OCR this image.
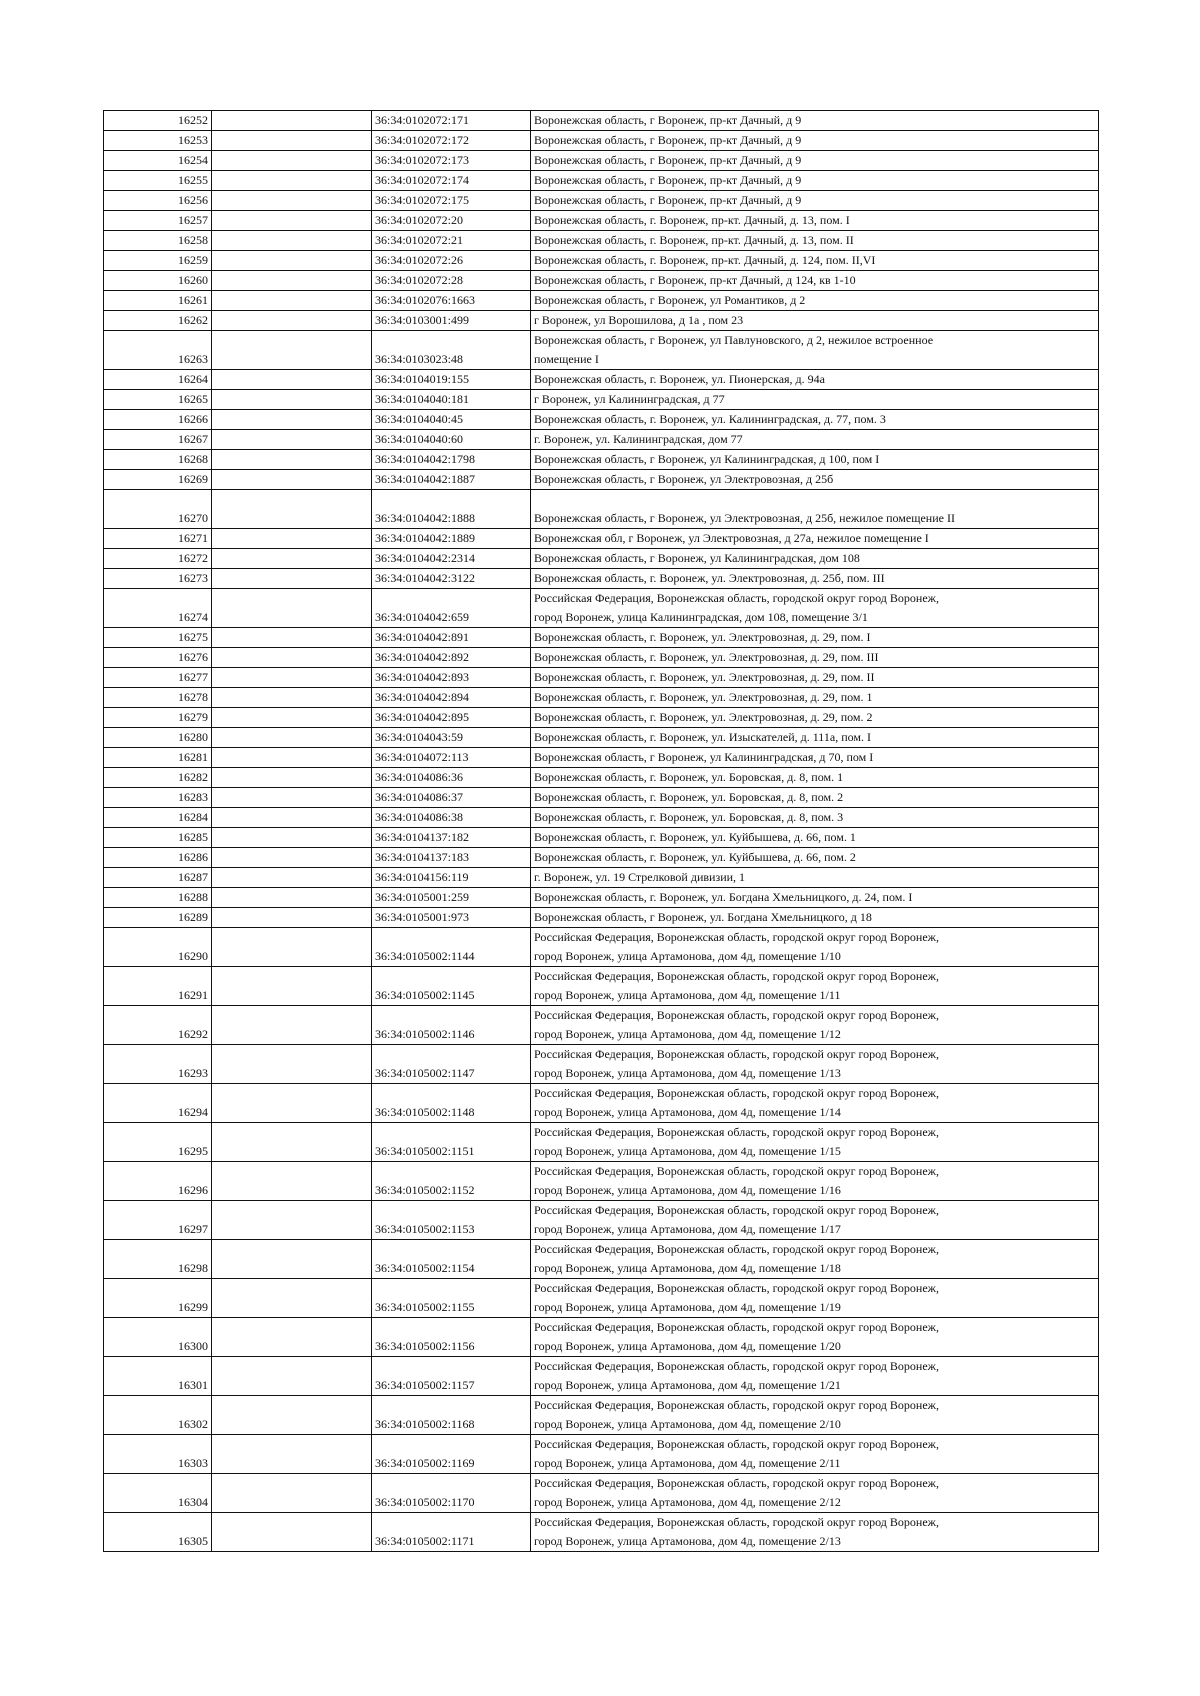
16252		36:34:0102072:171	Воронежская область, г Воронеж, пр-кт Дачный, д 9
16253		36:34:0102072:172	Воронежская область, г Воронеж, пр-кт Дачный, д 9
16254		36:34:0102072:173	Воронежская область, г Воронеж, пр-кт Дачный, д 9
16255		36:34:0102072:174	Воронежская область, г Воронеж, пр-кт Дачный, д 9
16256		36:34:0102072:175	Воронежская область, г Воронеж, пр-кт Дачный, д 9
16257		36:34:0102072:20	Воронежская область, г. Воронеж, пр-кт. Дачный, д. 13, пом. I
16258		36:34:0102072:21	Воронежская область, г. Воронеж, пр-кт. Дачный, д. 13, пом. II
16259		36:34:0102072:26	Воронежская область, г. Воронеж, пр-кт. Дачный, д. 124, пом. II,VI
16260		36:34:0102072:28	Воронежская область, г Воронеж, пр-кт Дачный, д 124, кв 1-10
16261		36:34:0102076:1663	Воронежская область, г Воронеж, ул Романтиков, д 2
16262		36:34:0103001:499	г Воронеж, ул Ворошилова, д 1а , пом 23
16263		36:34:0103023:48	Воронежская область, г Воронеж, ул Павлуновского, д 2, нежилое встроенное
помещение I

16264		36:34:0104019:155	Воронежская область, г. Воронеж, ул. Пионерская, д. 94а
16265		36:34:0104040:181	г Воронеж, ул Калининградская, д 77
16266		36:34:0104040:45	Воронежская область, г. Воронеж, ул. Калининградская, д. 77, пом. 3
16267		36:34:0104040:60	г. Воронеж, ул. Калининградская, дом 77
16268		36:34:0104042:1798	Воронежская область, г Воронеж, ул Калининградская, д 100, пом I
16269		36:34:0104042:1887	Воронежская область, г Воронеж, ул Электровозная, д 25б
16270		36:34:0104042:1888	Воронежская область, г Воронеж, ул Электровозная, д 25б, нежилое помещение II
16271		36:34:0104042:1889	Воронежская обл, г Воронеж, ул Электровозная, д 27а, нежилое помещение I
16272		36:34:0104042:2314	Воронежская область, г Воронеж, ул Калининградская, дом 108
16273		36:34:0104042:3122	Воронежская область, г. Воронеж, ул. Электровозная, д. 25б, пом. III
16274		36:34:0104042:659	Российская Федерация, Воронежская область, городской округ город Воронеж,
город Воронеж, улица Калининградская, дом 108, помещение 3/1

16275		36:34:0104042:891	Воронежская область, г. Воронеж, ул. Электровозная, д. 29, пом. I
16276		36:34:0104042:892	Воронежская область, г. Воронеж, ул. Электровозная, д. 29, пом. III
16277		36:34:0104042:893	Воронежская область, г. Воронеж, ул. Электровозная, д. 29, пом. II
16278		36:34:0104042:894	Воронежская область, г. Воронеж, ул. Электровозная, д. 29, пом. 1
16279		36:34:0104042:895	Воронежская область, г. Воронеж, ул. Электровозная, д. 29, пом. 2
16280		36:34:0104043:59	Воронежская область, г. Воронеж, ул. Изыскателей, д. 111а, пом. I
16281		36:34:0104072:113	Воронежская область, г Воронеж, ул Калининградская, д 70, пом I
16282		36:34:0104086:36	Воронежская область, г. Воронеж, ул. Боровская, д. 8, пом. 1
16283		36:34:0104086:37	Воронежская область, г. Воронеж, ул. Боровская, д. 8, пом. 2
16284		36:34:0104086:38	Воронежская область, г. Воронеж, ул. Боровская, д. 8, пом. 3
16285		36:34:0104137:182	Воронежская область, г. Воронеж, ул. Куйбышева, д. 66, пом. 1
16286		36:34:0104137:183	Воронежская область, г. Воронеж, ул. Куйбышева, д. 66, пом. 2
16287		36:34:0104156:119	г. Воронеж, ул. 19 Стрелковой дивизии, 1
16288		36:34:0105001:259	Воронежская область, г. Воронеж, ул. Богдана Хмельницкого, д. 24, пом. I
16289		36:34:0105001:973	Воронежская область, г Воронеж, ул. Богдана Хмельницкого, д 18
16290		36:34:0105002:1144	Российская Федерация, Воронежская область, городской округ город Воронеж,
город Воронеж, улица Артамонова, дом 4д, помещение 1/10

16291		36:34:0105002:1145	Российская Федерация, Воронежская область, городской округ город Воронеж,
город Воронеж, улица Артамонова, дом 4д, помещение 1/11

16292		36:34:0105002:1146	Российская Федерация, Воронежская область, городской округ город Воронеж,
город Воронеж, улица Артамонова, дом 4д, помещение 1/12

16293		36:34:0105002:1147	Российская Федерация, Воронежская область, городской округ город Воронеж,
город Воронеж, улица Артамонова, дом 4д, помещение 1/13

16294		36:34:0105002:1148	Российская Федерация, Воронежская область, городской округ город Воронеж,
город Воронеж, улица Артамонова, дом 4д, помещение 1/14

16295		36:34:0105002:1151	Российская Федерация, Воронежская область, городской округ город Воронеж,
город Воронеж, улица Артамонова, дом 4д, помещение 1/15

16296		36:34:0105002:1152	Российская Федерация, Воронежская область, городской округ город Воронеж,
город Воронеж, улица Артамонова, дом 4д, помещение 1/16

16297		36:34:0105002:1153	Российская Федерация, Воронежская область, городской округ город Воронеж,
город Воронеж, улица Артамонова, дом 4д, помещение 1/17

16298		36:34:0105002:1154	Российская Федерация, Воронежская область, городской округ город Воронеж,
город Воронеж, улица Артамонова, дом 4д, помещение 1/18

16299		36:34:0105002:1155	Российская Федерация, Воронежская область, городской округ город Воронеж,
город Воронеж, улица Артамонова, дом 4д, помещение 1/19

16300		36:34:0105002:1156	Российская Федерация, Воронежская область, городской округ город Воронеж,
город Воронеж, улица Артамонова, дом 4д, помещение 1/20

16301		36:34:0105002:1157	Российская Федерация, Воронежская область, городской округ город Воронеж,
город Воронеж, улица Артамонова, дом 4д, помещение 1/21

16302		36:34:0105002:1168	Российская Федерация, Воронежская область, городской округ город Воронеж,
город Воронеж, улица Артамонова, дом 4д, помещение 2/10

16303		36:34:0105002:1169	Российская Федерация, Воронежская область, городской округ город Воронеж,
город Воронеж, улица Артамонова, дом 4д, помещение 2/11

16304		36:34:0105002:1170	Российская Федерация, Воронежская область, городской округ город Воронеж,
город Воронеж, улица Артамонова, дом 4д, помещение 2/12

16305		36:34:0105002:1171	Российская Федерация, Воронежская область, городской округ город Воронеж,
город Воронеж, улица Артамонова, дом 4д, помещение 2/13
